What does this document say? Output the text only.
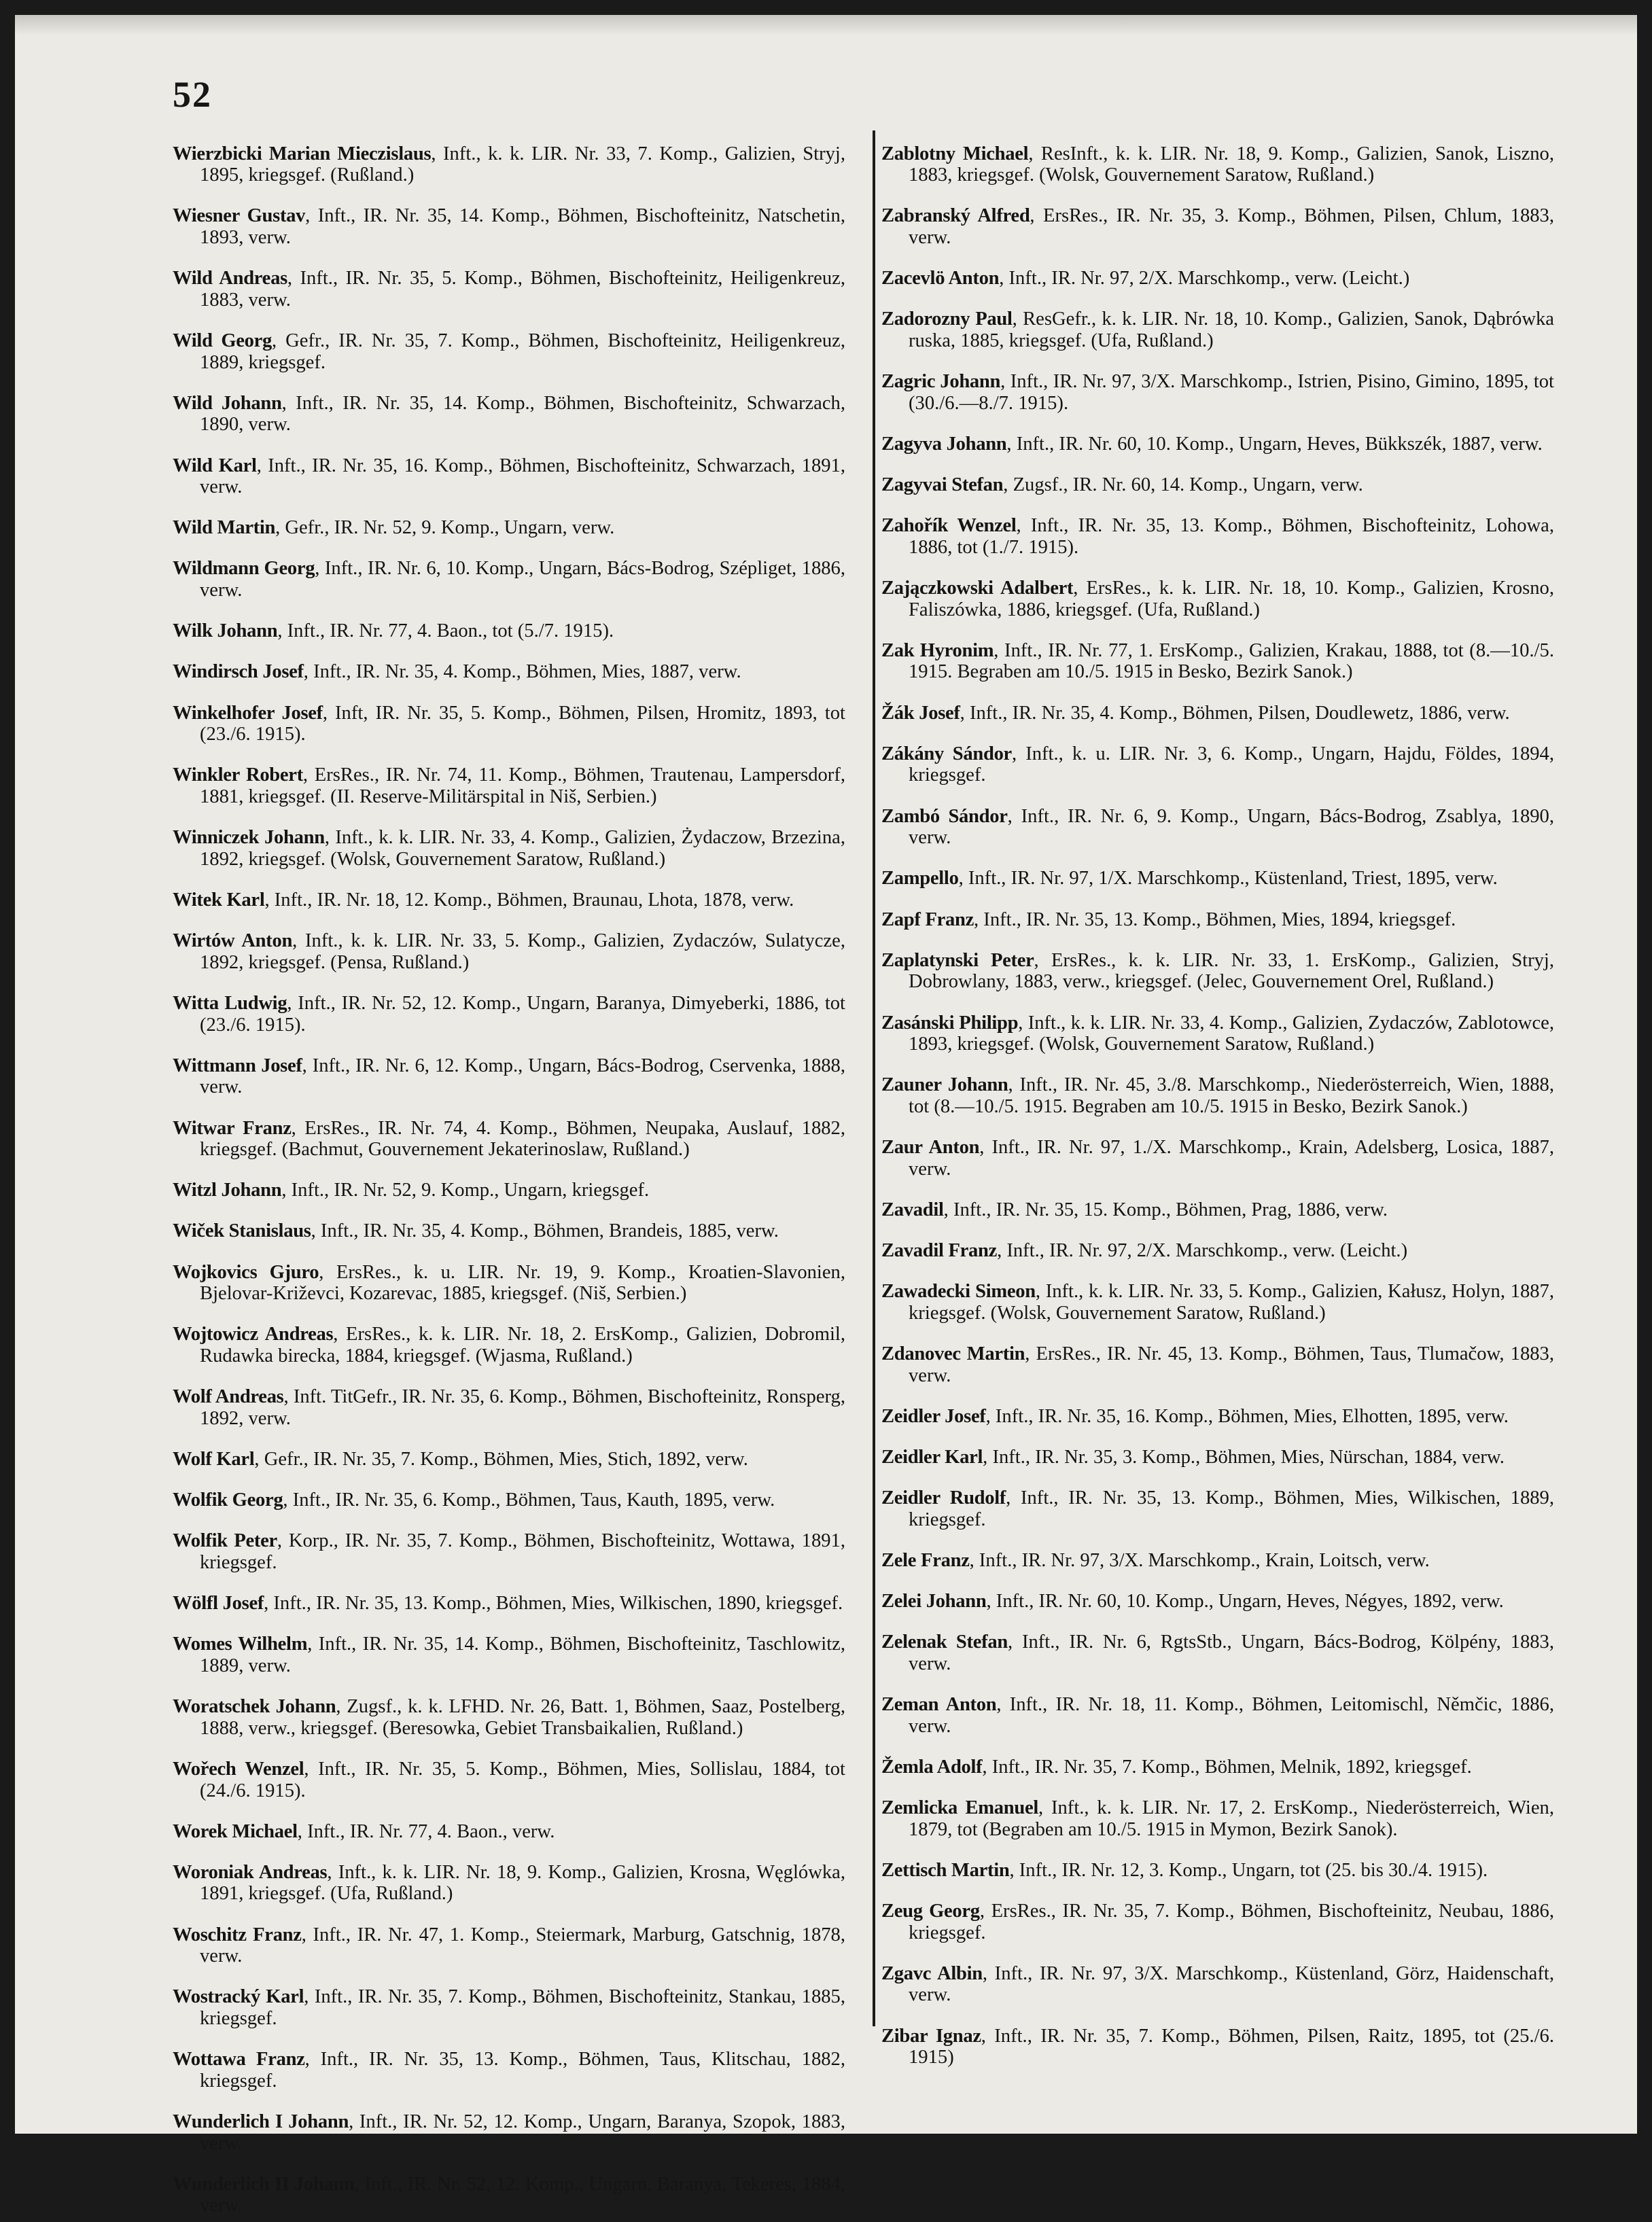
52

Wierzbicki Marian Mieczislaus, Inft., k. k. LIR. Nr. 33, 7. Komp., Galizien, Stryj, 1895, kriegsgef. (Rußland.)

Wiesner Gustav, Inft., IR. Nr. 35, 14. Komp., Böhmen, Bischofteinitz, Natschetin, 1893, verw.

Wild Andreas, Inft., IR. Nr. 35, 5. Komp., Böhmen, Bischofteinitz, Heiligenkreuz, 1883, verw.

Wild Georg, Gefr., IR. Nr. 35, 7. Komp., Böhmen, Bischofteinitz, Heiligenkreuz, 1889, kriegsgef.

Wild Johann, Inft., IR. Nr. 35, 14. Komp., Böhmen, Bischofteinitz, Schwarzach, 1890, verw.

Wild Karl, Inft., IR. Nr. 35, 16. Komp., Böhmen, Bischofteinitz, Schwarzach, 1891, verw.

Wild Martin, Gefr., IR. Nr. 52, 9. Komp., Ungarn, verw.

Wildmann Georg, Inft., IR. Nr. 6, 10. Komp., Ungarn, Bács-Bodrog, Szépliget, 1886, verw.

Wilk Johann, Inft., IR. Nr. 77, 4. Baon., tot (5./7. 1915).

Windirsch Josef, Inft., IR. Nr. 35, 4. Komp., Böhmen, Mies, 1887, verw.

Winkelhofer Josef, Inft, IR. Nr. 35, 5. Komp., Böhmen, Pilsen, Hromitz, 1893, tot (23./6. 1915).

Winkler Robert, ErsRes., IR. Nr. 74, 11. Komp., Böhmen, Trautenau, Lampersdorf, 1881, kriegsgef. (II. Reserve-Militärspital in Niš, Serbien.)

Winniczek Johann, Inft., k. k. LIR. Nr. 33, 4. Komp., Galizien, Żydaczow, Brzezina, 1892, kriegsgef. (Wolsk, Gouvernement Saratow, Rußland.)

Witek Karl, Inft., IR. Nr. 18, 12. Komp., Böhmen, Braunau, Lhota, 1878, verw.

Wirtów Anton, Inft., k. k. LIR. Nr. 33, 5. Komp., Galizien, Zydaczów, Sulatycze, 1892, kriegsgef. (Pensa, Rußland.)

Witta Ludwig, Inft., IR. Nr. 52, 12. Komp., Ungarn, Baranya, Dimyeberki, 1886, tot (23./6. 1915).

Wittmann Josef, Inft., IR. Nr. 6, 12. Komp., Ungarn, Bács-Bodrog, Cservenka, 1888, verw.

Witwar Franz, ErsRes., IR. Nr. 74, 4. Komp., Böhmen, Neupaka, Auslauf, 1882, kriegsgef. (Bachmut, Gouvernement Jekaterinoslaw, Rußland.)

Witzl Johann, Inft., IR. Nr. 52, 9. Komp., Ungarn, kriegsgef.

Wiček Stanislaus, Inft., IR. Nr. 35, 4. Komp., Böhmen, Brandeis, 1885, verw.

Wojkovics Gjuro, ErsRes., k. u. LIR. Nr. 19, 9. Komp., Kroatien-Slavonien, Bjelovar-Križevci, Kozarevac, 1885, kriegsgef. (Niš, Serbien.)

Wojtowicz Andreas, ErsRes., k. k. LIR. Nr. 18, 2. ErsKomp., Galizien, Dobromil, Rudawka birecka, 1884, kriegsgef. (Wjasma, Rußland.)

Wolf Andreas, Inft. TitGefr., IR. Nr. 35, 6. Komp., Böhmen, Bischofteinitz, Ronsperg, 1892, verw.

Wolf Karl, Gefr., IR. Nr. 35, 7. Komp., Böhmen, Mies, Stich, 1892, verw.

Wolfik Georg, Inft., IR. Nr. 35, 6. Komp., Böhmen, Taus, Kauth, 1895, verw.

Wolfik Peter, Korp., IR. Nr. 35, 7. Komp., Böhmen, Bischofteinitz, Wottawa, 1891, kriegsgef.

Wölfl Josef, Inft., IR. Nr. 35, 13. Komp., Böhmen, Mies, Wilkischen, 1890, kriegsgef.

Womes Wilhelm, Inft., IR. Nr. 35, 14. Komp., Böhmen, Bischofteinitz, Taschlowitz, 1889, verw.

Woratschek Johann, Zugsf., k. k. LFHD. Nr. 26, Batt. 1, Böhmen, Saaz, Postelberg, 1888, verw., kriegsgef. (Beresowka, Gebiet Transbaikalien, Rußland.)

Wořech Wenzel, Inft., IR. Nr. 35, 5. Komp., Böhmen, Mies, Sollislau, 1884, tot (24./6. 1915).

Worek Michael, Inft., IR. Nr. 77, 4. Baon., verw.

Woroniak Andreas, Inft., k. k. LIR. Nr. 18, 9. Komp., Galizien, Krosna, Węglówka, 1891, kriegsgef. (Ufa, Rußland.)

Woschitz Franz, Inft., IR. Nr. 47, 1. Komp., Steiermark, Marburg, Gatschnig, 1878, verw.

Wostracký Karl, Inft., IR. Nr. 35, 7. Komp., Böhmen, Bischofteinitz, Stankau, 1885, kriegsgef.

Wottawa Franz, Inft., IR. Nr. 35, 13. Komp., Böhmen, Taus, Klitschau, 1882, kriegsgef.

Wunderlich I Johann, Inft., IR. Nr. 52, 12. Komp., Ungarn, Baranya, Szopok, 1883, verw.

Wunderlich II Johann, Inft., IR. Nr. 52, 12. Komp., Ungarn, Baranya, Tekeres, 1884, verw.

Zablotny Michael, ResInft., k. k. LIR. Nr. 18, 9. Komp., Galizien, Sanok, Liszno, 1883, kriegsgef. (Wolsk, Gouvernement Saratow, Rußland.)

Zabranský Alfred, ErsRes., IR. Nr. 35, 3. Komp., Böhmen, Pilsen, Chlum, 1883, verw.

Zacevlö Anton, Inft., IR. Nr. 97, 2/X. Marschkomp., verw. (Leicht.)

Zadorozny Paul, ResGefr., k. k. LIR. Nr. 18, 10. Komp., Galizien, Sanok, Dąbrówka ruska, 1885, kriegsgef. (Ufa, Rußland.)

Zagric Johann, Inft., IR. Nr. 97, 3/X. Marschkomp., Istrien, Pisino, Gimino, 1895, tot (30./6.—8./7. 1915).

Zagyva Johann, Inft., IR. Nr. 60, 10. Komp., Ungarn, Heves, Bükkszék, 1887, verw.

Zagyvai Stefan, Zugsf., IR. Nr. 60, 14. Komp., Ungarn, verw.

Zahořík Wenzel, Inft., IR. Nr. 35, 13. Komp., Böhmen, Bischofteinitz, Lohowa, 1886, tot (1./7. 1915).

Zajączkowski Adalbert, ErsRes., k. k. LIR. Nr. 18, 10. Komp., Galizien, Krosno, Faliszówka, 1886, kriegsgef. (Ufa, Rußland.)

Zak Hyronim, Inft., IR. Nr. 77, 1. ErsKomp., Galizien, Krakau, 1888, tot (8.—10./5. 1915. Begraben am 10./5. 1915 in Besko, Bezirk Sanok.)

Žák Josef, Inft., IR. Nr. 35, 4. Komp., Böhmen, Pilsen, Doudlewetz, 1886, verw.

Zákány Sándor, Inft., k. u. LIR. Nr. 3, 6. Komp., Ungarn, Hajdu, Földes, 1894, kriegsgef.

Zambó Sándor, Inft., IR. Nr. 6, 9. Komp., Ungarn, Bács-Bodrog, Zsablya, 1890, verw.

Zampello, Inft., IR. Nr. 97, 1/X. Marschkomp., Küstenland, Triest, 1895, verw.

Zapf Franz, Inft., IR. Nr. 35, 13. Komp., Böhmen, Mies, 1894, kriegsgef.

Zaplatynski Peter, ErsRes., k. k. LIR. Nr. 33, 1. ErsKomp., Galizien, Stryj, Dobrowlany, 1883, verw., kriegsgef. (Jelec, Gouvernement Orel, Rußland.)

Zasánski Philipp, Inft., k. k. LIR. Nr. 33, 4. Komp., Galizien, Zydaczów, Zablotowce, 1893, kriegsgef. (Wolsk, Gouvernement Saratow, Rußland.)

Zauner Johann, Inft., IR. Nr. 45, 3./8. Marschkomp., Niederösterreich, Wien, 1888, tot (8.—10./5. 1915. Begraben am 10./5. 1915 in Besko, Bezirk Sanok.)

Zaur Anton, Inft., IR. Nr. 97, 1./X. Marschkomp., Krain, Adelsberg, Losica, 1887, verw.

Zavadil, Inft., IR. Nr. 35, 15. Komp., Böhmen, Prag, 1886, verw.

Zavadil Franz, Inft., IR. Nr. 97, 2/X. Marschkomp., verw. (Leicht.)

Zawadecki Simeon, Inft., k. k. LIR. Nr. 33, 5. Komp., Galizien, Kałusz, Holyn, 1887, kriegsgef. (Wolsk, Gouvernement Saratow, Rußland.)

Zdanovec Martin, ErsRes., IR. Nr. 45, 13. Komp., Böhmen, Taus, Tlumačow, 1883, verw.

Zeidler Josef, Inft., IR. Nr. 35, 16. Komp., Böhmen, Mies, Elhotten, 1895, verw.

Zeidler Karl, Inft., IR. Nr. 35, 3. Komp., Böhmen, Mies, Nürschan, 1884, verw.

Zeidler Rudolf, Inft., IR. Nr. 35, 13. Komp., Böhmen, Mies, Wilkischen, 1889, kriegsgef.

Zele Franz, Inft., IR. Nr. 97, 3/X. Marschkomp., Krain, Loitsch, verw.

Zelei Johann, Inft., IR. Nr. 60, 10. Komp., Ungarn, Heves, Négyes, 1892, verw.

Zelenak Stefan, Inft., IR. Nr. 6, RgtsStb., Ungarn, Bács-Bodrog, Kölpény, 1883, verw.

Zeman Anton, Inft., IR. Nr. 18, 11. Komp., Böhmen, Leitomischl, Němčic, 1886, verw.

Žemla Adolf, Inft., IR. Nr. 35, 7. Komp., Böhmen, Melnik, 1892, kriegsgef.

Zemlicka Emanuel, Inft., k. k. LIR. Nr. 17, 2. ErsKomp., Niederösterreich, Wien, 1879, tot (Begraben am 10./5. 1915 in Mymon, Bezirk Sanok).

Zettisch Martin, Inft., IR. Nr. 12, 3. Komp., Ungarn, tot (25. bis 30./4. 1915).

Zeug Georg, ErsRes., IR. Nr. 35, 7. Komp., Böhmen, Bischofteinitz, Neubau, 1886, kriegsgef.

Zgavc Albin, Inft., IR. Nr. 97, 3/X. Marschkomp., Küstenland, Görz, Haidenschaft, verw.

Zibar Ignaz, Inft., IR. Nr. 35, 7. Komp., Böhmen, Pilsen, Raitz, 1895, tot (25./6. 1915)
